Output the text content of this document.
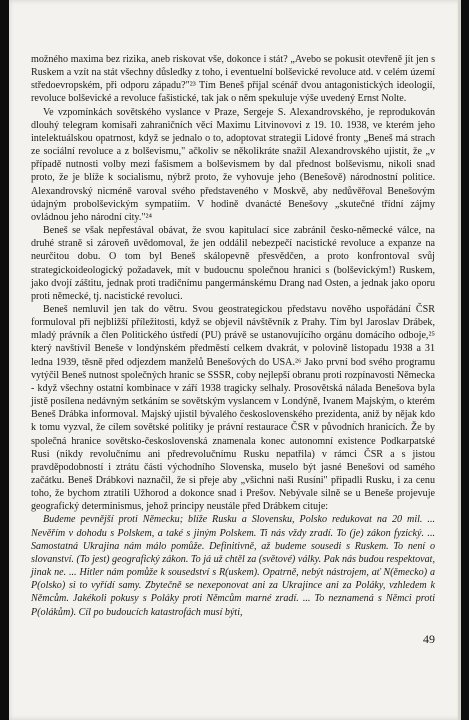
možného maxima bez rizika, aneb riskovat vše, dokonce i stát? „Avebo se pokusit otevřeně jít jen s Ruskem a vzít na stát všechny důsledky z toho, i eventuelní bolševické revoluce atd. v celém území středoevropském, při odporu západu?"²³ Tím Beneš přijal scénář dvou antagonistických ideologií, revoluce bolševické a revoluce fašistické, tak jak o něm spekuluje výše uvedený Ernst Nolte.

Ve vzpomínkách sovětského vyslance v Praze, Sergeje S. Alexandrovského, je reprodukován dlouhý telegram komisaři zahraničních věcí Maximu Litvinovovi z 19. 10. 1938, ve kterém jeho intelektuálskou opatrnost, když se jednalo o to, adoptovat strategii Lidové fronty „Beneš má strach ze sociální revoluce a z bolševismu," ačkoliv se několikráte snažil Alexandrovského ujistit, že „v případě nutnosti volby mezi fašismem a bolševismem by dal přednost bolševismu, nikoli snad proto, že je blíže k socialismu, nýbrž proto, že vyhovuje jeho (Benešově) národnostní politice. Alexandrovský nicméně varoval svého představeného v Moskvě, aby nedůvěřoval Benešovým údajným probolševickým sympatiím. V hodině dvanácté Benešovy „skutečné třídní zájmy ovládnou jeho národní city."²⁴

Beneš se však nepřestával obávat, že svou kapitulací sice zabránil česko-německé válce, na druhé straně si zároveň uvědomoval, že jen oddálil nebezpečí nacistické revoluce a expanze na neurčitou dobu. O tom byl Beneš skálopevně přesvědčen, a proto konfrontoval svůj strategickoideologický požadavek, mít v budoucnu společnou hranici s (bolševickým!) Ruskem, jako dvojí záštitu, jednak proti tradičnímu pangermánskému Drang nad Osten, a jednak jako oporu proti německé, tj. nacistické revoluci.

Beneš nemluvil jen tak do větru. Svou geostrategickou představu nověho uspořádání ČSR formuloval při nejbližší příležitosti, když se objevil návštěvník z Prahy. Tím byl Jaroslav Drábek, mladý právník a člen Politického ústředí (PU) právě se ustanovujícího orgánu domácího odboje,²⁵ který navštívil Beneše v londýnském předměstí celkem dvakrát, v polovině listopadu 1938 a 31 ledna 1939, těsně před odjezdem manželů Benešových do USA.²⁶ Jako první bod svého programu vytýčil Beneš nutnost společných hranic se SSSR, coby nejlepší obranu proti rozpínavosti Německa - když všechny ostatní kombinace v září 1938 tragicky selhaly. Prosovětská nálada Benešova byla jistě posílena nedávným setkáním se sovětským vyslancem v Londýně, Ivanem Majským, o kterém Beneš Drábka informoval. Majský ujistil bývalého československého prezidenta, aniž by nějak kdo k tomu vyzval, že cílem sovětské politiky je právní restaurace ČSR v původních hranicích. Že by společná hranice sovětsko-československá znamenala konec autonomní existence Podkarpatské Rusi (nikdy revolučnímu ani předrevolučnímu Rusku nepatřila) v rámci ČSR a s jistou pravděpodobností i ztrátu části východního Slovenska, muselo být jasné Benešovi od samého začátku. Beneš Drábkovi naznačil, že si přeje aby „všichni naši Rusíni" připadli Rusku, i za cenu toho, že bychom ztratili Užhorod a dokonce snad i Prešov. Nebývale silně se u Beneše projevuje geografický determinismus, jehož principy neustále před Drábkem cituje:

Budeme pevnější proti Německu; blíže Rusku a Slovensku, Polsko redukovat na 20 mil. ... Nevěřím v dohodu s Polskem, a také s jiným Polskem. Ti nás vždy zradí. To (je) zákon fyzický. ... Samostatná Ukrajina nám málo pomůže. Definitivně, až budeme sousedi s Ruskem. To není o slovanství. (To jest) geografický zákon. To já už chtěl za (světové) války. Pak nás budou respektovat, jinak ne. ... Hitler nám pomůže k sousedství s R(uskem). Opatrně, nebýt nástrojem, ať N(ěmecko) a P(olsko) si to vyřídí samy. Zbytečně se nexeponovat ani za Ukrajince ani za Poláky, vzhledem k Němcům. Jakékoli pokusy s Poláky proti Němcům marné zradí. ... To neznamená s Němci proti P(olákům). Cíl po budoucích katastrofách musí býti,

49
